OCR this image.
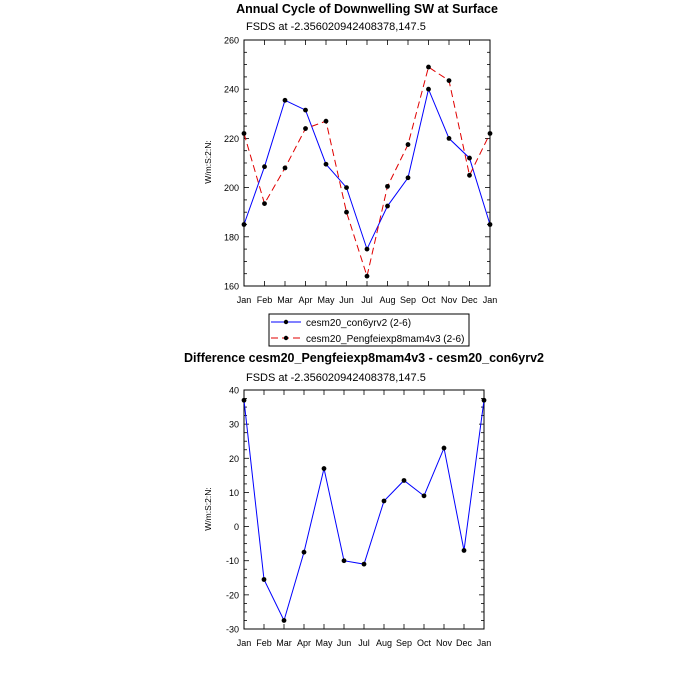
Annual Cycle of Downwelling SW at Surface
FSDS at -2.356020942408378,147.5
W/m:S:2:N:
cesm20_con6yrv2 (2-6)
cesm20_Pengfeiexp8mam4v3 (2-6)
Difference cesm20_Pengfeiexp8mam4v3 - cesm20_con6yrv2
FSDS at -2.356020942408378,147.5
W/m:S:2:N:
160
180
200
220
240
260
Jan Feb Mar Apr May Jun Jul Aug Sep Oct Nov Dec Jan
-30
-20
-10
0
10
20
30
40
Jan Feb Mar Apr May Jun Jul Aug Sep Oct Nov Dec Jan
